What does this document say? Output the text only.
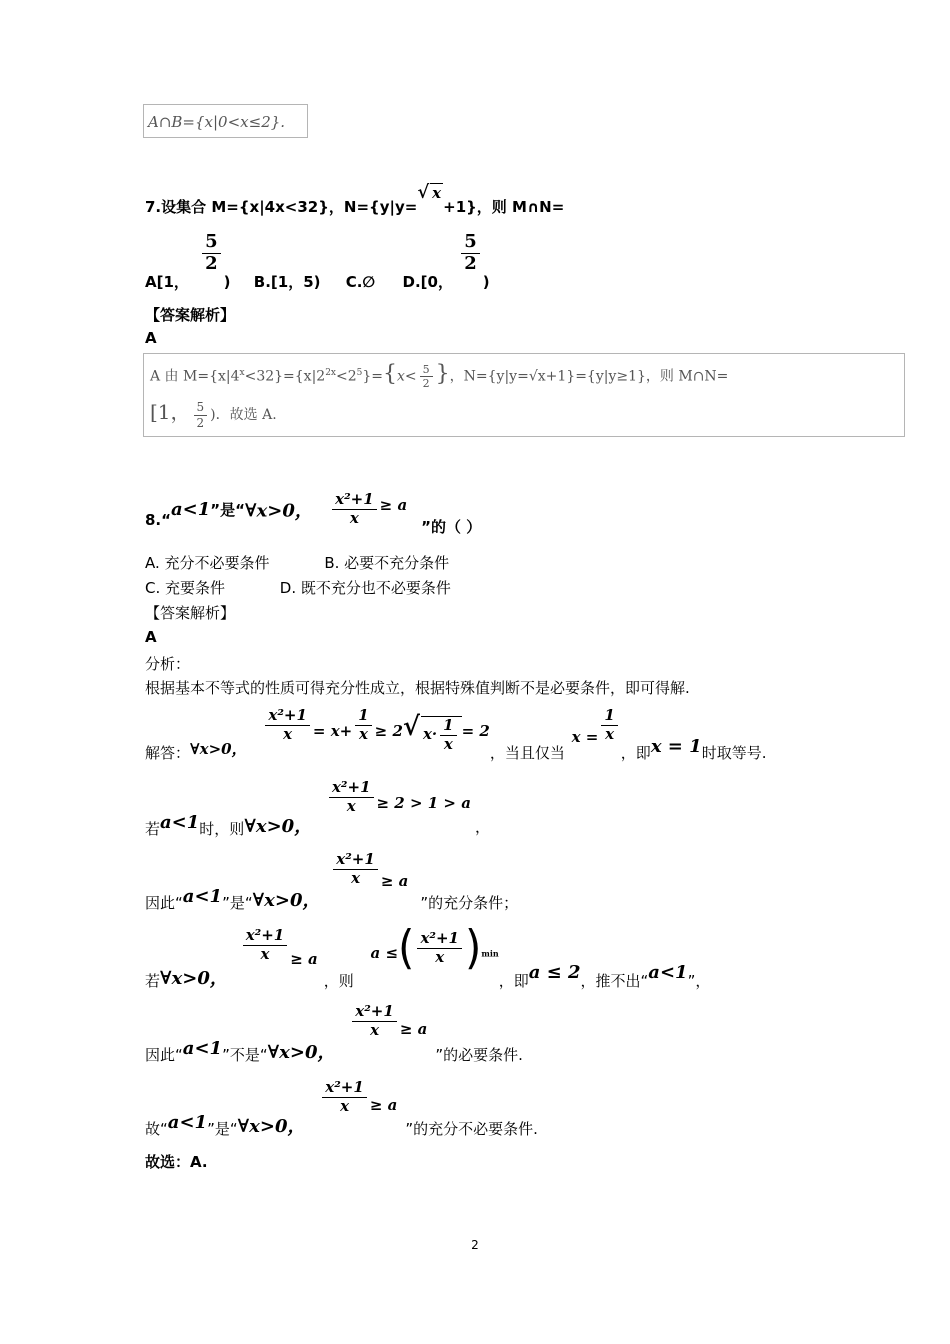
A∩B={x|0<x≤2}.
7.设集合 M={x|4x<32}，N={y|y=√ x+1}，则 M∩N=
A[1，
$\frac{5}{2}$
) B.[1，5) C.∅ D.[0，
$\frac{5}{2}$
)
【答案解析】
A
A 由 $M=\{x|4^x<32\}=\{x|2^{2x}<2^5\}=\{x< \frac{5}{2}$ }，N={y|y=√x+1}={y|y≥1}，则 M∩N=
[1， $\frac{5}{2}$ )．故选 A.
8.“a<1”是“∀x>0， $\frac{\text{x²+1}}{x} \ge a$”的（ ）
A. 充分不必要条件	B. 必要不充分条件
C. 充要条件	D. 既不充分也不必要条件
【答案解析】
A
分析：
根据基本不等式的性质可得充分性成立，根据特殊值判断不是必要条件，即可得解.
解答：∀x>0，
$\frac{\text{x²+1}}{x} = x+ \frac{1}{x} \ge 2√$ $x\cdot \frac{1}{x} = 2$，当且仅当 $x = \frac{1}{x}$
，即x = 1时取等号.
若a<1时，则∀x>0，
$\frac{\text{x²+1}}{x} \ge 2 > 1 > a$，
因此“a<1”是“∀x>0，
$\frac{\text{x²+1}}{x} \ge a$”的充分条件；
若∀x>0，
$\frac{\text{x²+1}}{x} \ge a$，则 a ≤( $\frac{\text{x²+1}}{x} )_{min}$，即a ≤ 2，推不出“a<1”，
因此“a<1”不是“∀x>0，
$\frac{\text{x²+1}}{x} \ge a$”的必要条件.
故“a<1”是“∀x>0，
$\frac{\text{x²+1}}{x} \ge a$”的充分不必要条件.
故选：A.
2
